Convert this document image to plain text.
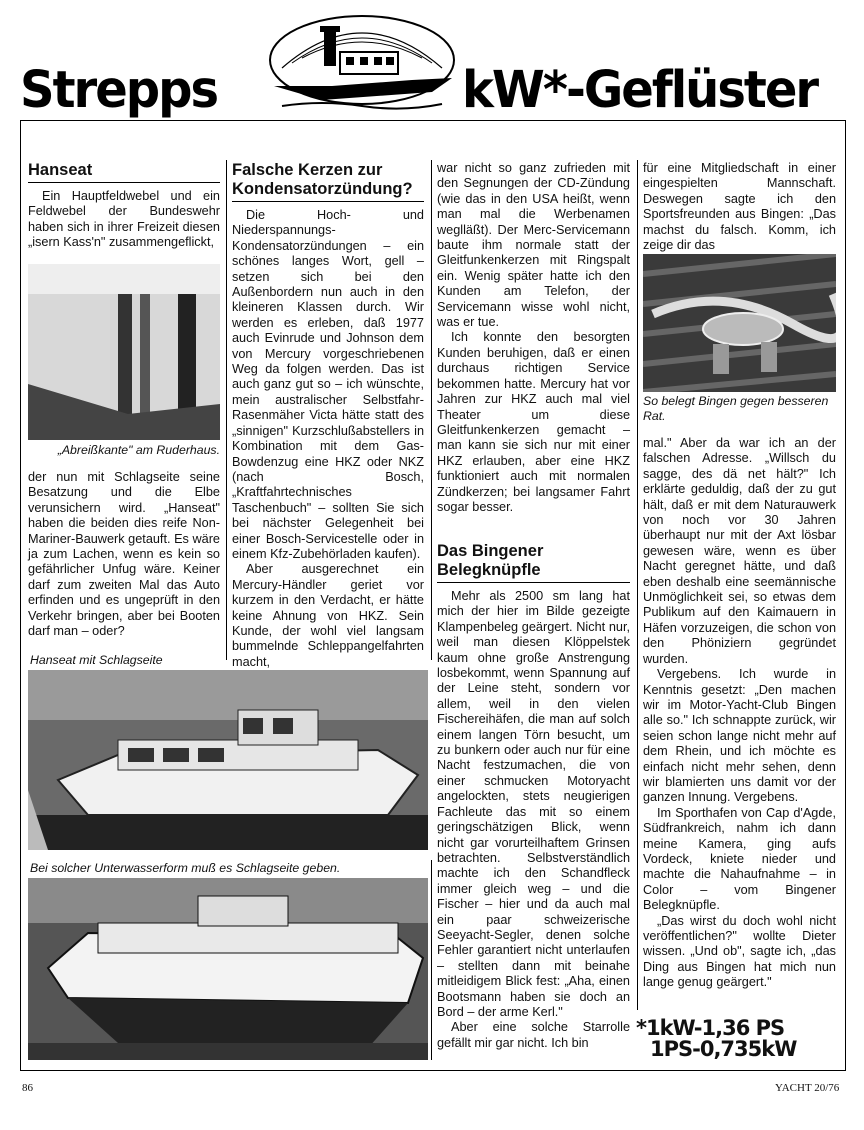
Strepps	kW*-Geflüster
Hanseat

Ein Hauptfeldwebel und ein Feldwebel der Bundeswehr haben sich in ihrer Freizeit diesen „isern Kass'n" zusammengeflickt,

„Abreißkante" am Ruderhaus.

der nun mit Schlagseite seine Besatzung und die Elbe verunsichern wird. „Hanseat" haben die beiden dies reife Non-Mariner-Bauwerk getauft. Es wäre ja zum Lachen, wenn es kein so gefährlicher Unfug wäre. Keiner darf zum zweiten Mal das Auto erfinden und es ungeprüft in den Verkehr bringen, aber bei Booten darf man – oder?

Falsche Kerzen zur Kondensatorzündung?

Die Hoch- und Niederspannungs-Kondensatorzündungen – ein schönes langes Wort, gell – setzen sich bei den Außenbordern nun auch in den kleineren Klassen durch. Wir werden es erleben, daß 1977 auch Evinrude und Johnson dem von Mercury vorgeschriebenen Weg da folgen werden. Das ist auch ganz gut so – ich wünschte, mein australischer Selbstfahr-Rasenmäher Victa hätte statt des „sinnigen" Kurzschlußabstellers in Kombination mit dem Gas-Bowdenzug eine HKZ oder NKZ (nach Bosch, „Kraftfahrtechnisches Taschenbuch" – sollten Sie sich bei nächster Gelegenheit bei einer Bosch-Servicestelle oder in einem Kfz-Zubehörladen kaufen).

Aber ausgerechnet ein Mercury-Händler geriet vor kurzem in den Verdacht, er hätte keine Ahnung von HKZ. Sein Kunde, der wohl viel langsam bummelnde Schleppangelfahrten macht,

Hanseat mit Schlagseite
Bei solcher Unterwasserform muß es Schlagseite geben.

war nicht so ganz zufrieden mit den Segnungen der CD-Zündung (wie das in den USA heißt, wenn man mal die Werbenamen weglläßt). Der Merc-Servicemann baute ihm normale statt der Gleitfunkenkerzen mit Ringspalt ein. Wenig später hatte ich den Kunden am Telefon, der Servicemann wisse wohl nicht, was er tue.

Ich konnte den besorgten Kunden beruhigen, daß er einen durchaus richtigen Service bekommen hatte. Mercury hat vor Jahren zur HKZ auch mal viel Theater um diese Gleitfunkenkerzen gemacht – man kann sie sich nur mit einer HKZ erlauben, aber eine HKZ funktioniert auch mit normalen Zündkerzen; bei langsamer Fahrt sogar besser.

Das Bingener Belegknüpfle

Mehr als 2500 sm lang hat mich der hier im Bilde gezeigte Klampenbeleg geärgert. Nicht nur, weil man diesen Klöppelstek kaum ohne große Anstrengung losbekommt, wenn Spannung auf der Leine steht, sondern vor allem, weil in den vielen Fischereihäfen, die man auf solch einem langen Törn besucht, um zu bunkern oder auch nur für eine Nacht festzumachen, die von einer schmucken Motoryacht angelockten, stets neugierigen Fachleute das mit so einem geringschätzigen Blick, wenn nicht gar vorurteilhaftem Grinsen betrachten. Selbstverständlich machte ich den Schandfleck immer gleich weg – und die Fischer – hier und da auch mal ein paar schweizerische Seeyacht-Segler, denen solche Fehler garantiert nicht unterlaufen – stellten dann mit beinahe mitleidigem Blick fest: „Aha, einen Bootsmann haben sie doch an Bord – der arme Kerl."

Aber eine solche Starrolle gefällt mir gar nicht. Ich bin

für eine Mitgliedschaft in einer eingespielten Mannschaft. Deswegen sagte ich den Sportsfreunden aus Bingen: „Das machst du falsch. Komm, ich zeige dir das

So belegt Bingen gegen besseren Rat.

mal." Aber da war ich an der falschen Adresse. „Willsch du sagge, des dä net hält?" Ich erklärte geduldig, daß der zu gut hält, daß er mit dem Naturauwerk von noch vor 30 Jahren überhaupt nur mit der Axt lösbar gewesen wäre, wenn es über Nacht geregnet hätte, und daß eben deshalb eine seemännische Unmöglichkeit sei, so etwas dem Publikum auf den Kaimauern in Häfen vorzuzeigen, die schon von den Phöniziern gegründet wurden.

Vergebens. Ich wurde in Kenntnis gesetzt: „Den machen wir im Motor-Yacht-Club Bingen alle so." Ich schnappte zurück, wir seien schon lange nicht mehr auf dem Rhein, und ich möchte es einfach nicht mehr sehen, denn wir blamierten uns damit vor der ganzen Innung. Vergebens.

Im Sporthafen von Cap d'Agde, Südfrankreich, nahm ich dann meine Kamera, ging aufs Vordeck, kniete nieder und machte die Nahaufnahme – in Color – vom Bingener Belegknüpfle.

„Das wirst du doch wohl nicht veröffentlichen?" wollte Dieter wissen. „Und ob", sagte ich, „das Ding aus Bingen hat mich nun lange genug geärgert."

*1kW-1,36 PS
1PS-0,735kW
86	YACHT 20/76
